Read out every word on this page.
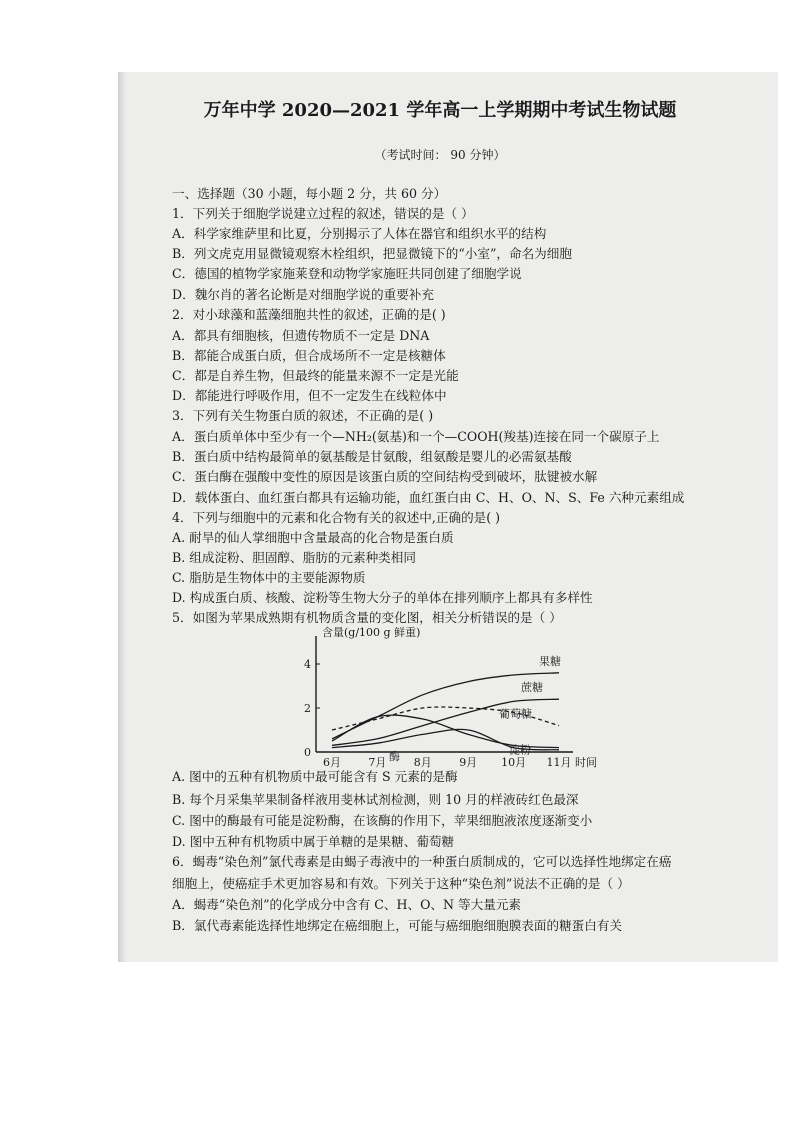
万年中学 2020—2021 学年高一上学期期中考试生物试题
（考试时间： 90 分钟）
一、选择题（30 小题，每小题 2 分，共 60 分）
1．下列关于细胞学说建立过程的叙述，错误的是（ ）
A．科学家维萨里和比夏，分别揭示了人体在器官和组织水平的结构
B．列文虎克用显微镜观察木栓组织，把显微镜下的“小室”，命名为细胞
C．德国的植物学家施莱登和动物学家施旺共同创建了细胞学说
D．魏尔肖的著名论断是对细胞学说的重要补充
2．对小球藻和蓝藻细胞共性的叙述，正确的是( )
A．都具有细胞核，但遗传物质不一定是 DNA
B．都能合成蛋白质，但合成场所不一定是核糖体
C．都是自养生物，但最终的能量来源不一定是光能
D．都能进行呼吸作用，但不一定发生在线粒体中
3．下列有关生物蛋白质的叙述，不正确的是( )
A．蛋白质单体中至少有一个—NH₂(氨基)和一个—COOH(羧基)连接在同一个碳原子上
B．蛋白质中结构最简单的氨基酸是甘氨酸，组氨酸是婴儿的必需氨基酸
C．蛋白酶在强酸中变性的原因是该蛋白质的空间结构受到破坏，肽键被水解
D．载体蛋白、血红蛋白都具有运输功能，血红蛋白由 C、H、O、N、S、Fe 六种元素组成
4．下列与细胞中的元素和化合物有关的叙述中,正确的是( )
A. 耐旱的仙人掌细胞中含量最高的化合物是蛋白质
B. 组成淀粉、胆固醇、脂肪的元素种类相同
C. 脂肪是生物体中的主要能源物质
D. 构成蛋白质、核酸、淀粉等生物大分子的单体在排列顺序上都具有多样性
5．如图为苹果成熟期有机物质含量的变化图，相关分析错误的是（ ）
含量(g/100 g 鲜重)
0
2
4
6月 7月 8月 9月 10月 11月 时间
果糖
蔗糖
葡萄糖
淀粉
酶
A. 图中的五种有机物质中最可能含有 S 元素的是酶
B. 每个月采集苹果制备样液用斐林试剂检测，则 10 月的样液砖红色最深
C. 图中的酶最有可能是淀粉酶，在该酶的作用下，苹果细胞液浓度逐渐变小
D. 图中五种有机物质中属于单糖的是果糖、葡萄糖
6．蝎毒“染色剂”氯代毒素是由蝎子毒液中的一种蛋白质制成的，它可以选择性地绑定在癌
细胞上，使癌症手术更加容易和有效。下列关于这种“染色剂”说法不正确的是（ ）
A．蝎毒“染色剂”的化学成分中含有 C、H、O、N 等大量元素
B．氯代毒素能选择性地绑定在癌细胞上，可能与癌细胞细胞膜表面的糖蛋白有关
